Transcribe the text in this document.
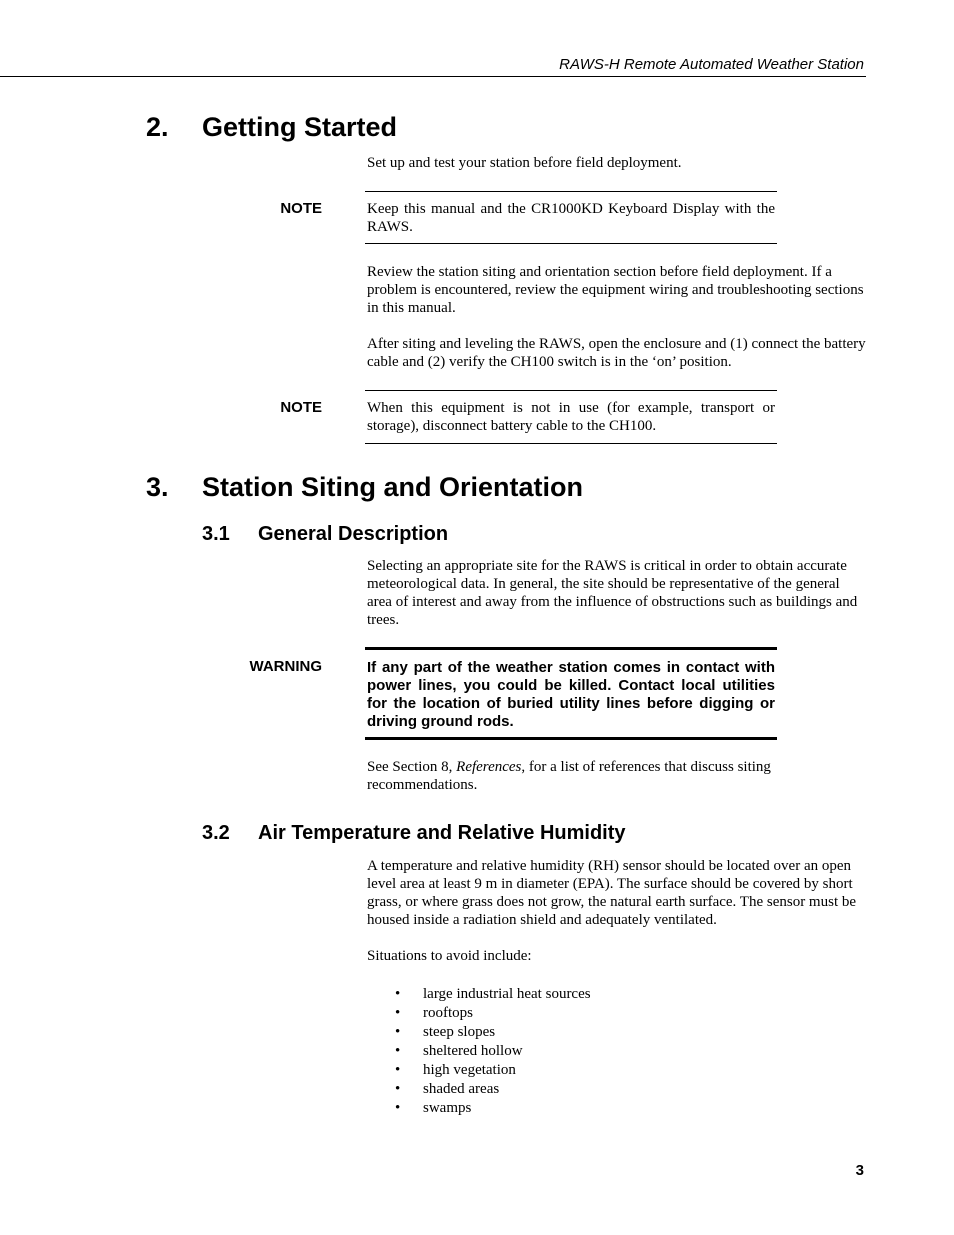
RAWS-H Remote Automated Weather Station
2. Getting Started

Set up and test your station before field deployment.

NOTE	Keep this manual and the CR1000KD Keyboard Display with the RAWS.

Review the station siting and orientation section before field deployment. If a problem is encountered, review the equipment wiring and troubleshooting sections in this manual.

After siting and leveling the RAWS, open the enclosure and (1) connect the battery cable and (2) verify the CH100 switch is in the ‘on’ position.

NOTE	When this equipment is not in use (for example, transport or storage), disconnect battery cable to the CH100.
3. Station Siting and Orientation
3.1 General Description

Selecting an appropriate site for the RAWS is critical in order to obtain accurate meteorological data. In general, the site should be representative of the general area of interest and away from the influence of obstructions such as buildings and trees.

WARNING	If any part of the weather station comes in contact with power lines, you could be killed. Contact local utilities for the location of buried utility lines before digging or driving ground rods.

See Section 8, References, for a list of references that discuss siting recommendations.

3.2 Air Temperature and Relative Humidity

A temperature and relative humidity (RH) sensor should be located over an open level area at least 9 m in diameter (EPA). The surface should be covered by short grass, or where grass does not grow, the natural earth surface. The sensor must be housed inside a radiation shield and adequately ventilated.

Situations to avoid include:

• large industrial heat sources
• rooftops
• steep slopes
• sheltered hollow
• high vegetation
• shaded areas
• swamps
3
